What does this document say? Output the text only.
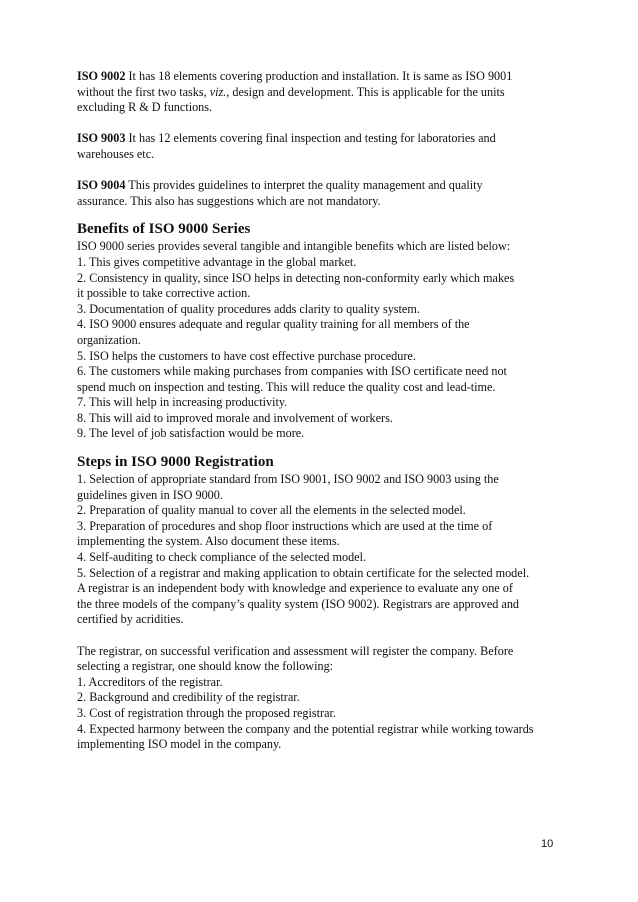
ISO 9002 It has 18 elements covering production and installation. It is same as ISO 9001
without the first two tasks, viz., design and development. This is applicable for the units
excluding R & D functions.
ISO 9003 It has 12 elements covering final inspection and testing for laboratories and
warehouses etc.
ISO 9004 This provides guidelines to interpret the quality management and quality
assurance. This also has suggestions which are not mandatory.
Benefits of ISO 9000 Series
ISO 9000 series provides several tangible and intangible benefits which are listed below:
1. This gives competitive advantage in the global market.
2. Consistency in quality, since ISO helps in detecting non-conformity early which makes
it possible to take corrective action.
3. Documentation of quality procedures adds clarity to quality system.
4. ISO 9000 ensures adequate and regular quality training for all members of the
organization.
5. ISO helps the customers to have cost effective purchase procedure.
6. The customers while making purchases from companies with ISO certificate need not
spend much on inspection and testing. This will reduce the quality cost and lead-time.
7. This will help in increasing productivity.
8. This will aid to improved morale and involvement of workers.
9. The level of job satisfaction would be more.
Steps in ISO 9000 Registration
1. Selection of appropriate standard from ISO 9001, ISO 9002 and ISO 9003 using the
guidelines given in ISO 9000.
2. Preparation of quality manual to cover all the elements in the selected model.
3. Preparation of procedures and shop floor instructions which are used at the time of
implementing the system. Also document these items.
4. Self-auditing to check compliance of the selected model.
5. Selection of a registrar and making application to obtain certificate for the selected model.
A registrar is an independent body with knowledge and experience to evaluate any one of
the three models of the company’s quality system (ISO 9002). Registrars are approved and
certified by acridities.
The registrar, on successful verification and assessment will register the company. Before
selecting a registrar, one should know the following:
1. Accreditors of the registrar.
2. Background and credibility of the registrar.
3. Cost of registration through the proposed registrar.
4. Expected harmony between the company and the potential registrar while working towards
implementing ISO model in the company.
10
